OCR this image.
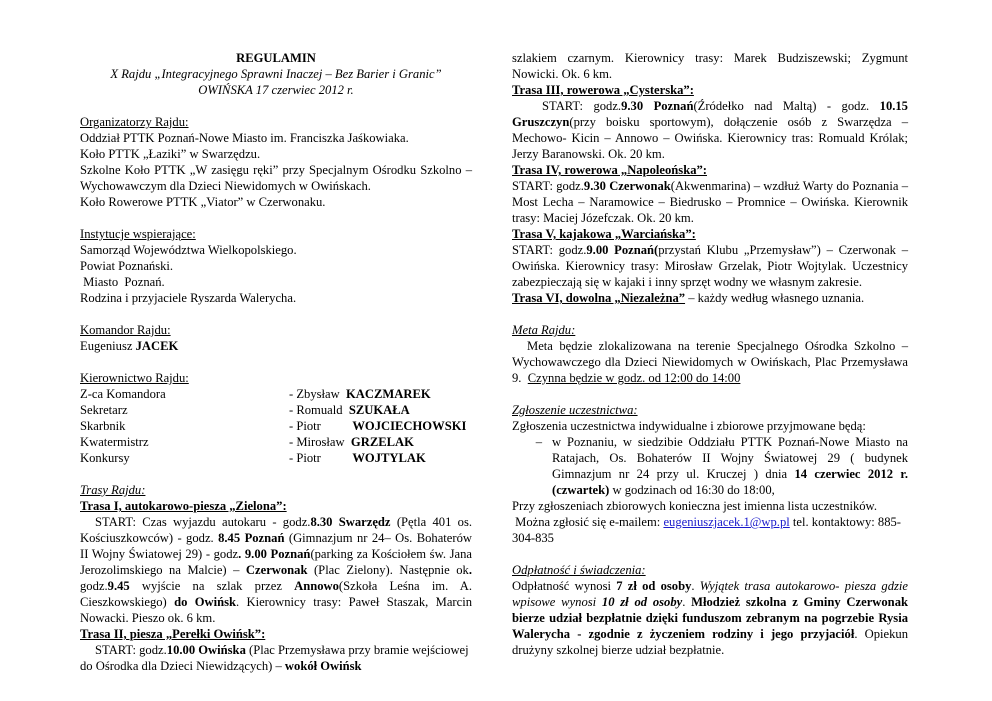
REGULAMIN

X Rajdu „Integracyjnego Sprawni Inaczej – Bez Barier i Granic”

OWIŃSKA 17 czerwiec 2012 r.

Organizatorzy Rajdu:

Oddział PTTK Poznań-Nowe Miasto im. Franciszka Jaśkowiaka.

Koło PTTK „Łaziki” w Swarzędzu.

Szkolne Koło PTTK „W zasięgu ręki” przy Specjalnym Ośrodku Szkolno –Wychowawczym dla Dzieci Niewidomych w Owińskach.

Koło Rowerowe PTTK „Viator” w Czerwonaku.

Instytucje wspierające:

Samorząd Województwa Wielkopolskiego.

Powiat Poznański.

Miasto  Poznań.

Rodzina i przyjaciele Ryszarda Walerycha.

Komandor Rajdu:

Eugeniusz JACEK

Kierownictwo Rajdu:

Z-ca Komandora	- Zbysław KACZMAREK
Sekretarz	- Romuald SZUKAŁA
Skarbnik	- Piotr WOJCIECHOWSKI
Kwatermistrz	- Mirosław GRZELAK
Konkursy	- Piotr WOJTYLAK

Trasy Rajdu:

Trasa I, autokarowo-piesza „Zielona”:

START: Czas wyjazdu autokaru - godz.8.30 Swarzędz (Pętla 401 os. Kościuszkowców) - godz. 8.45 Poznań (Gimnazjum nr 24– Os. Bohaterów II Wojny Światowej 29) - godz. 9.00 Poznań(parking za Kościołem św. Jana Jerozolimskiego na Malcie) – Czerwonak (Plac Zielony). Następnie ok. godz.9.45 wyjście na szlak przez Annowo(Szkoła Leśna im. A. Cieszkowskiego) do Owińsk. Kierownicy trasy: Paweł Staszak, Marcin Nowacki. Pieszo ok. 6 km.

Trasa II, piesza „Perełki Owińsk”:

START: godz.10.00 Owińska (Plac Przemysława przy bramie wejściowej do Ośrodka dla Dzieci Niewidzących) – wokół Owińsk

szlakiem czarnym. Kierownicy trasy: Marek Budziszewski; Zygmunt Nowicki. Ok. 6 km.

Trasa III, rowerowa „Cysterska”:

START: godz.9.30 Poznań(Źródełko nad Maltą) - godz. 10.15 Gruszczyn(przy boisku sportowym), dołączenie osób z Swarzędza – Mechowo- Kicin – Annowo – Owińska. Kierownicy tras: Romuald Królak; Jerzy Baranowski. Ok. 20 km.

Trasa IV, rowerowa „Napoleońska”:

START: godz.9.30 Czerwonak(Akwenmarina) – wzdłuż Warty do Poznania – Most Lecha – Naramowice – Biedrusko – Promnice – Owińska. Kierownik trasy: Maciej Józefczak. Ok. 20 km.

Trasa V, kajakowa „Warciańska”:

START: godz.9.00 Poznań(przystań Klubu „Przemysław”) – Czerwonak – Owińska. Kierownicy trasy: Mirosław Grzelak, Piotr Wojtylak. Uczestnicy zabezpieczają się w kajaki i inny sprzęt wodny we własnym zakresie.

Trasa VI, dowolna „Niezależna” – każdy według własnego uznania.

Meta Rajdu:

Meta będzie zlokalizowana na terenie Specjalnego Ośrodka Szkolno – Wychowawczego dla Dzieci Niewidomych w Owińskach, Plac Przemysława 9.  Czynna będzie w godz. od 12:00 do 14:00

Zgłoszenie uczestnictwa:

Zgłoszenia uczestnictwa indywidualne i zbiorowe przyjmowane będą:

– w Poznaniu, w siedzibie Oddziału PTTK Poznań-Nowe Miasto na Ratajach, Os. Bohaterów II Wojny Światowej 29 ( budynek Gimnazjum nr 24 przy ul. Kruczej ) dnia 14 czerwiec 2012 r. (czwartek) w godzinach od 16:30 do 18:00,

Przy zgłoszeniach zbiorowych konieczna jest imienna lista uczestników.

Można zgłosić się e-mailem: eugeniuszjacek.1@wp.pl tel. kontaktowy: 885-304-835

Odpłatność i świadczenia:

Odpłatność wynosi 7 zł od osoby. Wyjątek trasa autokarowo- piesza gdzie wpisowe wynosi 10 zł od osoby. Młodzież szkolna z Gminy Czerwonak bierze udział bezpłatnie dzięki funduszom zebranym na pogrzebie Rysia Walerycha - zgodnie z życzeniem rodziny i jego przyjaciół. Opiekun drużyny szkolnej bierze udział bezpłatnie.
